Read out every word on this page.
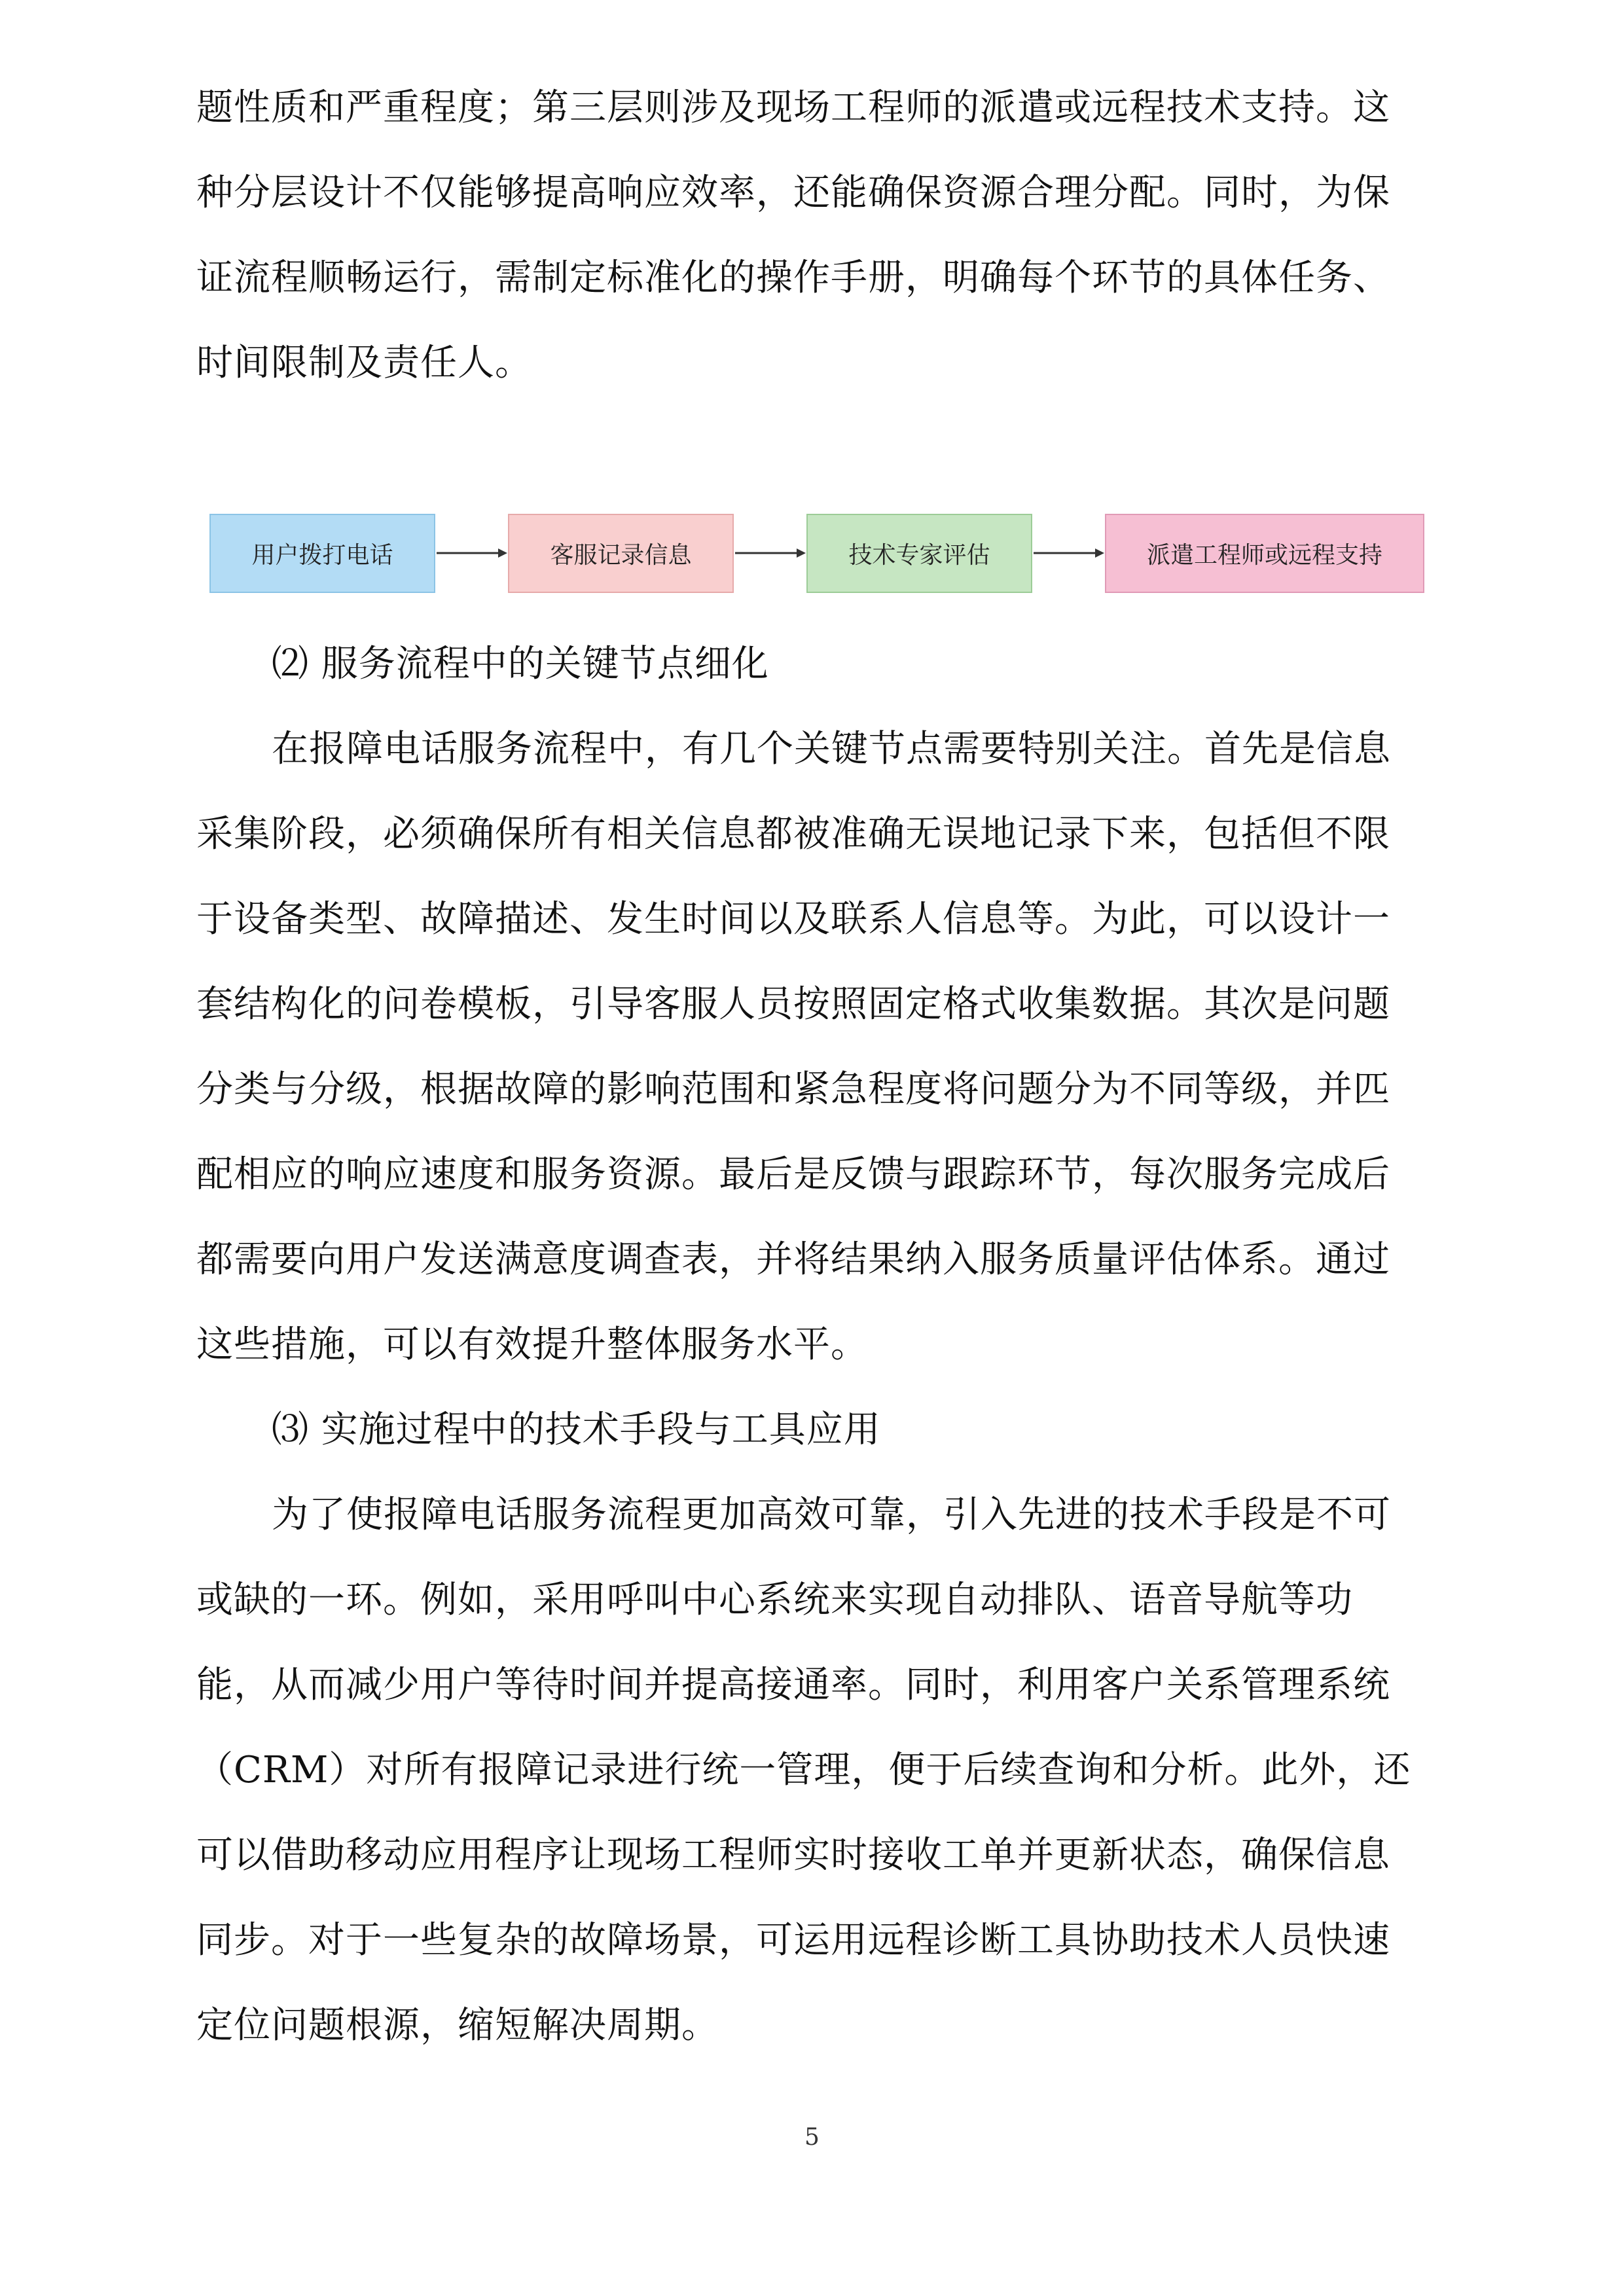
题性质和严重程度；第三层则涉及现场工程师的派遣或远程技术支持。这
种分层设计不仅能够提高响应效率，还能确保资源合理分配。同时，为保
证流程顺畅运行，需制定标准化的操作手册，明确每个环节的具体任务、
时间限制及责任人。
用户拨打电话	客服记录信息	技术专家评估	派遣工程师或远程支持
⑵ 服务流程中的关键节点细化
在报障电话服务流程中，有几个关键节点需要特别关注。首先是信息
采集阶段，必须确保所有相关信息都被准确无误地记录下来，包括但不限
于设备类型、故障描述、发生时间以及联系人信息等。为此，可以设计一
套结构化的问卷模板，引导客服人员按照固定格式收集数据。其次是问题
分类与分级，根据故障的影响范围和紧急程度将问题分为不同等级，并匹
配相应的响应速度和服务资源。最后是反馈与跟踪环节，每次服务完成后
都需要向用户发送满意度调查表，并将结果纳入服务质量评估体系。通过
这些措施，可以有效提升整体服务水平。
⑶ 实施过程中的技术手段与工具应用
为了使报障电话服务流程更加高效可靠，引入先进的技术手段是不可
或缺的一环。例如，采用呼叫中心系统来实现自动排队、语音导航等功
能，从而减少用户等待时间并提高接通率。同时，利用客户关系管理系统
（CRM）对所有报障记录进行统一管理，便于后续查询和分析。此外，还
可以借助移动应用程序让现场工程师实时接收工单并更新状态，确保信息
同步。对于一些复杂的故障场景，可运用远程诊断工具协助技术人员快速
定位问题根源，缩短解决周期。
5
